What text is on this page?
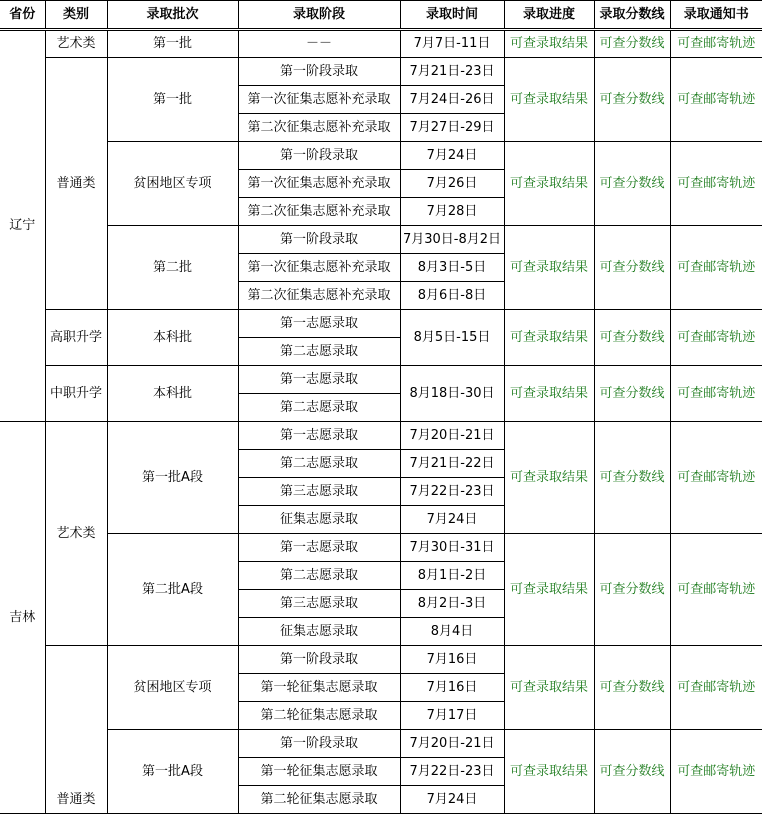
省份	类别	录取批次	录取阶段	录取时间	录取进度	录取分数线	录取通知书
辽宁	艺术类	第一批	－－	7月7日-11日	可查录取结果	可查分数线	可查邮寄轨迹
	普通类	第一批	第一阶段录取	7月21日-23日	可查录取结果	可查分数线	可查邮寄轨迹
			第一次征集志愿补充录取	7月24日-26日			
			第二次征集志愿补充录取	7月27日-29日			
		贫困地区专项	第一阶段录取	7月24日	可查录取结果	可查分数线	可查邮寄轨迹
			第一次征集志愿补充录取	7月26日			
			第二次征集志愿补充录取	7月28日			
		第二批	第一阶段录取	7月30日-8月2日	可查录取结果	可查分数线	可查邮寄轨迹
			第一次征集志愿补充录取	8月3日-5日			
			第二次征集志愿补充录取	8月6日-8日			
	高职升学	本科批	第一志愿录取	8月5日-15日	可查录取结果	可查分数线	可查邮寄轨迹
			第二志愿录取				
	中职升学	本科批	第一志愿录取	8月18日-30日	可查录取结果	可查分数线	可查邮寄轨迹
			第二志愿录取				
吉林	艺术类	第一批A段	第一志愿录取	7月20日-21日	可查录取结果	可查分数线	可查邮寄轨迹
			第二志愿录取	7月21日-22日			
			第三志愿录取	7月22日-23日			
			征集志愿录取	7月24日			
		第二批A段	第一志愿录取	7月30日-31日	可查录取结果	可查分数线	可查邮寄轨迹
			第二志愿录取	8月1日-2日			
			第三志愿录取	8月2日-3日			
			征集志愿录取	8月4日			
	普通类	贫困地区专项	第一阶段录取	7月16日	可查录取结果	可查分数线	可查邮寄轨迹
			第一轮征集志愿录取	7月16日			
			第二轮征集志愿录取	7月17日			
		第一批A段	第一阶段录取	7月20日-21日	可查录取结果	可查分数线	可查邮寄轨迹
			第一轮征集志愿录取	7月22日-23日			
			第二轮征集志愿录取	7月24日			
